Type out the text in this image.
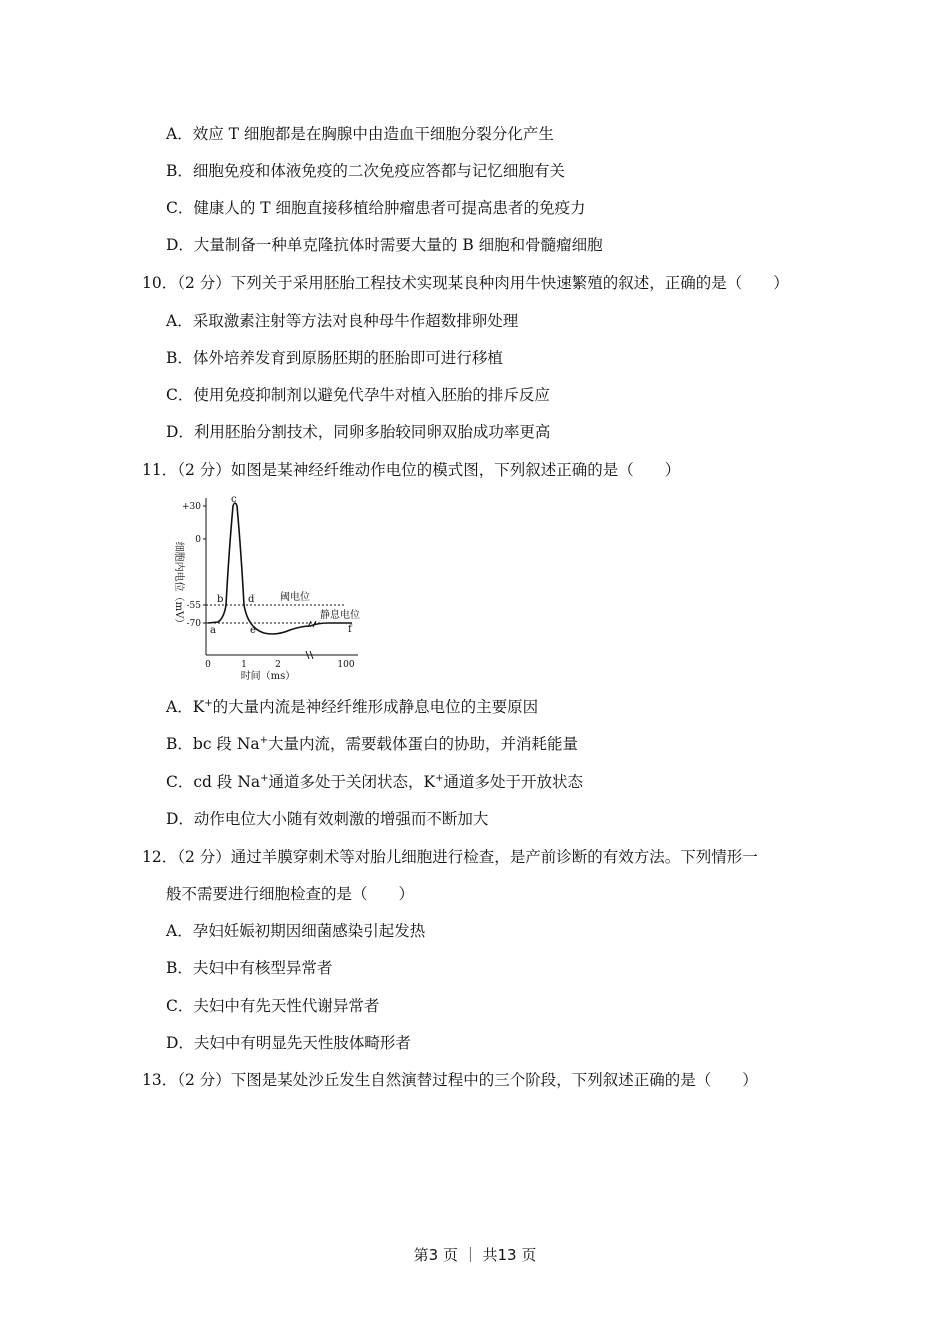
A．效应 T 细胞都是在胸腺中由造血干细胞分裂分化产生
B．细胞免疫和体液免疫的二次免疫应答都与记忆细胞有关
C．健康人的 T 细胞直接移植给肿瘤患者可提高患者的免疫力
D．大量制备一种单克隆抗体时需要大量的 B 细胞和骨髓瘤细胞
10．（2 分）下列关于采用胚胎工程技术实现某良种肉用牛快速繁殖的叙述，正确的是（　　）
A．采取激素注射等方法对良种母牛作超数排卵处理
B．体外培养发育到原肠胚期的胚胎即可进行移植
C．使用免疫抑制剂以避免代孕牛对植入胚胎的排斥反应
D．利用胚胎分割技术，同卵多胎较同卵双胎成功率更高
11．（2 分）如图是某神经纤维动作电位的模式图，下列叙述正确的是（　　）
细胞内电位（mV）
+30
0
-55
-70
0	1	2	100
时间（ms）
阈电位
静息电位
a
b
c
d
e	f
A．K+的大量内流是神经纤维形成静息电位的主要原因
B．bc 段 Na+大量内流，需要载体蛋白的协助，并消耗能量
C．cd 段 Na+通道多处于关闭状态，K+通道多处于开放状态
D．动作电位大小随有效刺激的增强而不断加大
12．（2 分）通过羊膜穿刺术等对胎儿细胞进行检查，是产前诊断的有效方法。下列情形一
般不需要进行细胞检查的是（　　）
A．孕妇妊娠初期因细菌感染引起发热
B．夫妇中有核型异常者
C．夫妇中有先天性代谢异常者
D．夫妇中有明显先天性肢体畸形者
13．（2 分）下图是某处沙丘发生自然演替过程中的三个阶段，下列叙述正确的是（　　）
第3 页 ｜ 共13 页
